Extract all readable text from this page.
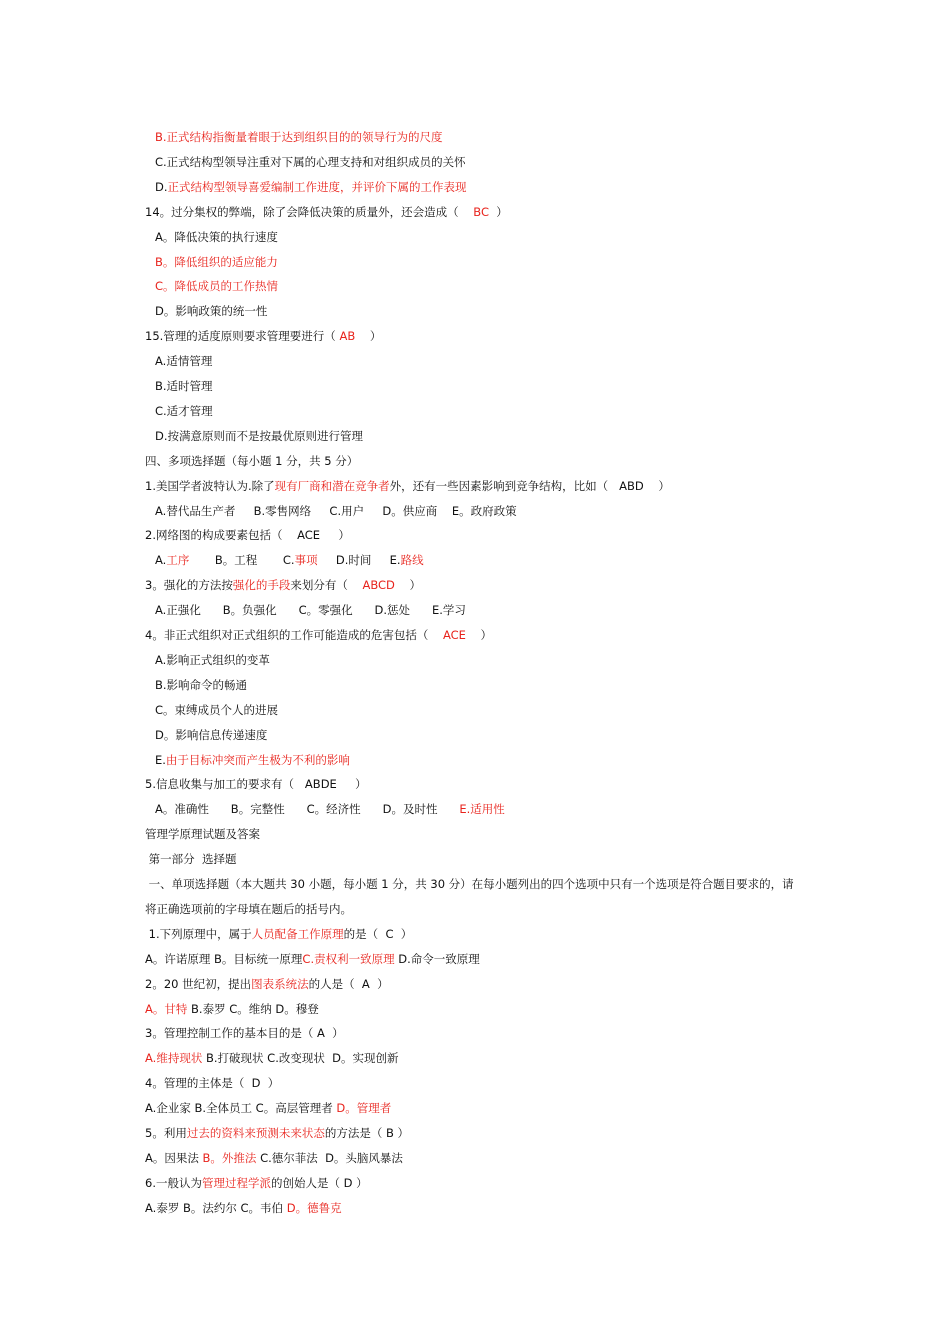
B.正式结构指衡量着眼于达到组织目的的领导行为的尺度
C.正式结构型领导注重对下属的心理支持和对组织成员的关怀
D.正式结构型领导喜爱编制工作进度，并评价下属的工作表现
14。过分集权的弊端，除了会降低决策的质量外，还会造成（    BC  ）
A。降低决策的执行速度
B。降低组织的适应能力
C。降低成员的工作热情
D。影响政策的统一性
15.管理的适度原则要求管理要进行（ AB    ）
A.适情管理
B.适时管理
C.适才管理
D.按满意原则而不是按最优原则进行管理
四、多项选择题（每小题 1 分，共 5 分）
1.美国学者波特认为.除了现有厂商和潜在竞争者外，还有一些因素影响到竞争结构，比如（   ABD    ）
A.替代品生产者     B.零售网络     C.用户     D。供应商    E。政府政策
2.网络图的构成要素包括（    ACE     ）
A.工序       B。工程       C.事项     D.时间     E.路线
3。强化的方法按强化的手段来划分有（    ABCD    ）
A.正强化      B。负强化      C。零强化      D.惩处      E.学习
4。非正式组织对正式组织的工作可能造成的危害包括（    ACE    ）
A.影响正式组织的变革
B.影响命令的畅通
C。束缚成员个人的进展
D。影响信息传递速度
E.由于目标冲突而产生极为不利的影响
5.信息收集与加工的要求有（   ABDE     ）
A。准确性      B。完整性      C。经济性      D。及时性      E.适用性
管理学原理试题及答案
第一部分  选择题
一、单项选择题（本大题共 30 小题，每小题 1 分，共 30 分）在每小题列出的四个选项中只有一个选项是符合题目要求的，请
将正确选项前的字母填在题后的括号内。
1.下列原理中，属于人员配备工作原理的是（  C  ）
A。许诺原理 B。目标统一原理C.责权利一致原理 D.命令一致原理
2。20 世纪初，提出图表系统法的人是（  A  ）
A。甘特 B.泰罗 C。维纳 D。穆登
3。管理控制工作的基本目的是（ A  ）
A.维持现状 B.打破现状 C.改变现状  D。实现创新
4。管理的主体是（  D  ）
A.企业家 B.全体员工 C。高层管理者 D。管理者
5。利用过去的资料来预测未来状态的方法是（ B ）
A。因果法 B。外推法 C.德尔菲法  D。头脑风暴法
6.一般认为管理过程学派的创始人是（ D ）
A.泰罗 B。法约尔 C。韦伯 D。德鲁克
